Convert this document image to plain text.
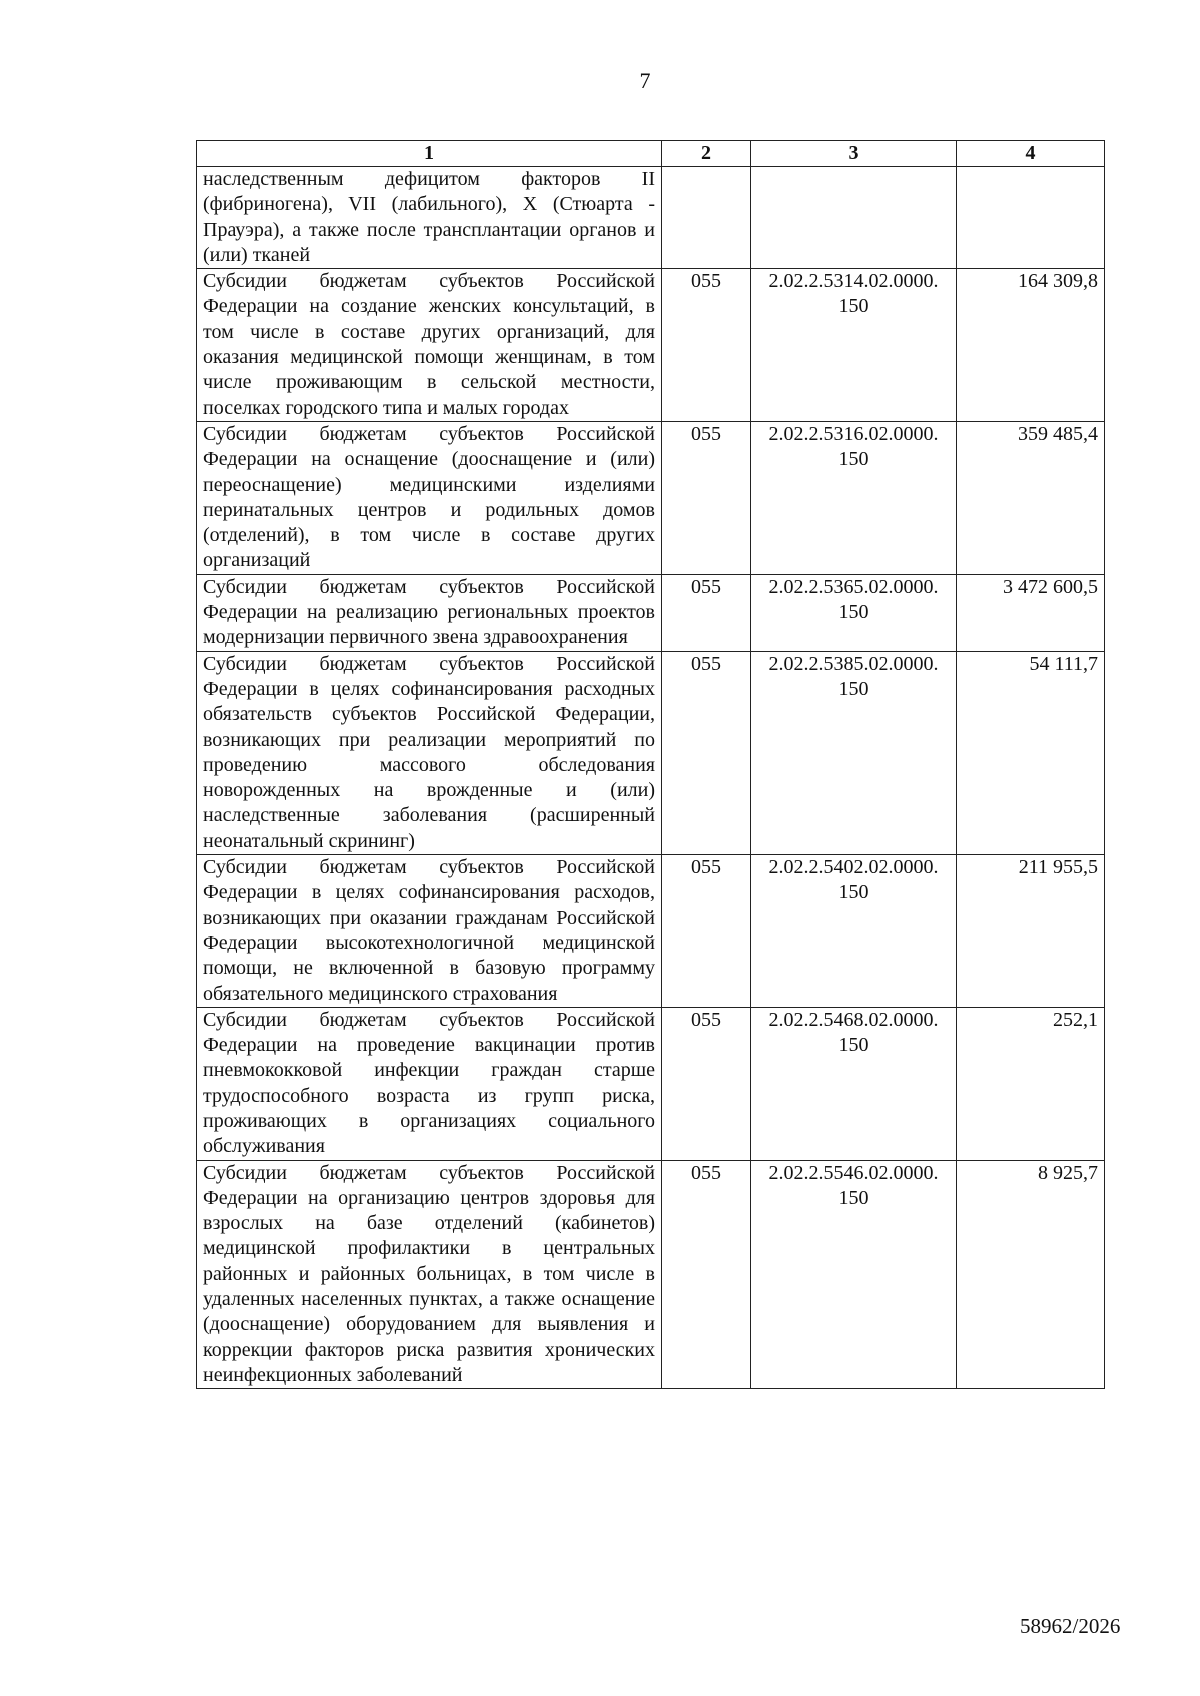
7
1	2	3	4
наследственным дефицитом факторов II (фибриногена), VII (лабильного), X (Стюарта - Прауэра), а также после трансплантации органов и (или) тканей			
Субсидии бюджетам субъектов Российской Федерации на создание женских консультаций, в том числе в составе других организаций, для оказания медицинской помощи женщинам, в том числе проживающим в сельской местности, поселках городского типа и малых городах	055	2.02.2.5314.02.0000. 150	164 309,8
Субсидии бюджетам субъектов Российской Федерации на оснащение (дооснащение и (или) переоснащение) медицинскими изделиями перинатальных центров и родильных домов (отделений), в том числе в составе других организаций	055	2.02.2.5316.02.0000. 150	359 485,4
Субсидии бюджетам субъектов Российской Федерации на реализацию региональных проектов модернизации первичного звена здравоохранения	055	2.02.2.5365.02.0000. 150	3 472 600,5
Субсидии бюджетам субъектов Российской Федерации в целях софинансирования расходных обязательств субъектов Российской Федерации, возникающих при реализации мероприятий по проведению массового обследования новорожденных на врожденные и (или) наследственные заболевания (расширенный неонатальный скрининг)	055	2.02.2.5385.02.0000. 150	54 111,7
Субсидии бюджетам субъектов Российской Федерации в целях софинансирования расходов, возникающих при оказании гражданам Российской Федерации высокотехнологичной медицинской помощи, не включенной в базовую программу обязательного медицинского страхования	055	2.02.2.5402.02.0000. 150	211 955,5
Субсидии бюджетам субъектов Российской Федерации на проведение вакцинации против пневмококковой инфекции граждан старше трудоспособного возраста из групп риска, проживающих в организациях социального обслуживания	055	2.02.2.5468.02.0000. 150	252,1
Субсидии бюджетам субъектов Российской Федерации на организацию центров здоровья для взрослых на базе отделений (кабинетов) медицинской профилактики в центральных районных и районных больницах, в том числе в удаленных населенных пунктах, а также оснащение (дооснащение) оборудованием для выявления и коррекции факторов риска развития хронических неинфекционных заболеваний	055	2.02.2.5546.02.0000. 150	8 925,7
58962/2026
